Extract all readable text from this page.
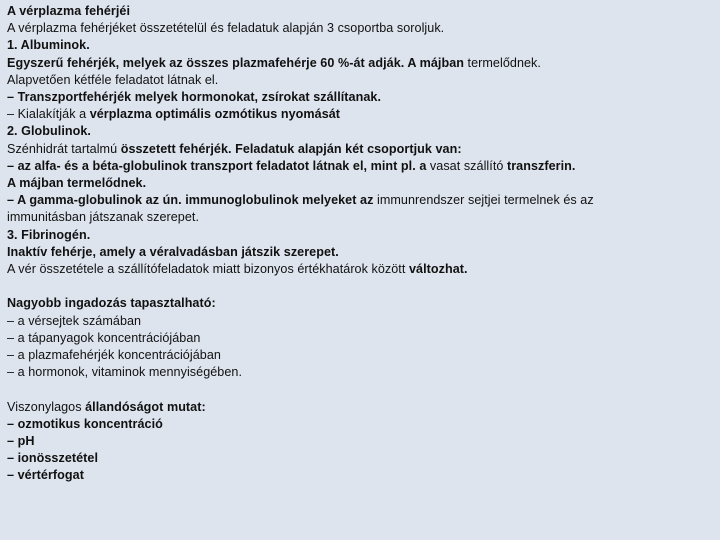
A vérplazma fehérjéi
A vérplazma fehérjéket összetételül és feladatuk alapján 3 csoportba soroljuk.
1. Albuminok.
Egyszerű fehérjék, melyek az összes plazmafehérje 60 %-át adják. A májban termelődnek.
Alapvetően kétféle feladatot látnak el.
– Transzportfehérjék melyek hormonokat, zsírokat szállítanak.
– Kialakítják a vérplazma optimális ozmótikus nyomását
2. Globulinok.
Szénhidrát tartalmú összetett fehérjék. Feladatuk alapján két csoportjuk van:
– az alfa- és a béta-globulinok transzport feladatot látnak el, mint pl. a vasat szállító transzferin.
A májban termelődnek.
– A gamma-globulinok az ún. immunoglobulinok melyeket az immunrendszer sejtjei termelnek és az
immunitásban játszanak szerepet.
3. Fibrinogén.
Inaktív fehérje, amely a véralvadásban játszik szerepet.
A vér összetétele a szállítófeladatok miatt bizonyos értékhatárok között változhat.
Nagyobb ingadozás tapasztalható:
– a vérsejtek számában
– a tápanyagok koncentrációjában
– a plazmafehérjék koncentrációjában
– a hormonok, vitaminok mennyiségében.
Viszonylagos állandóságot mutat:
– ozmotikus koncentráció
– pH
– ionösszetétel
– vértérfogat
